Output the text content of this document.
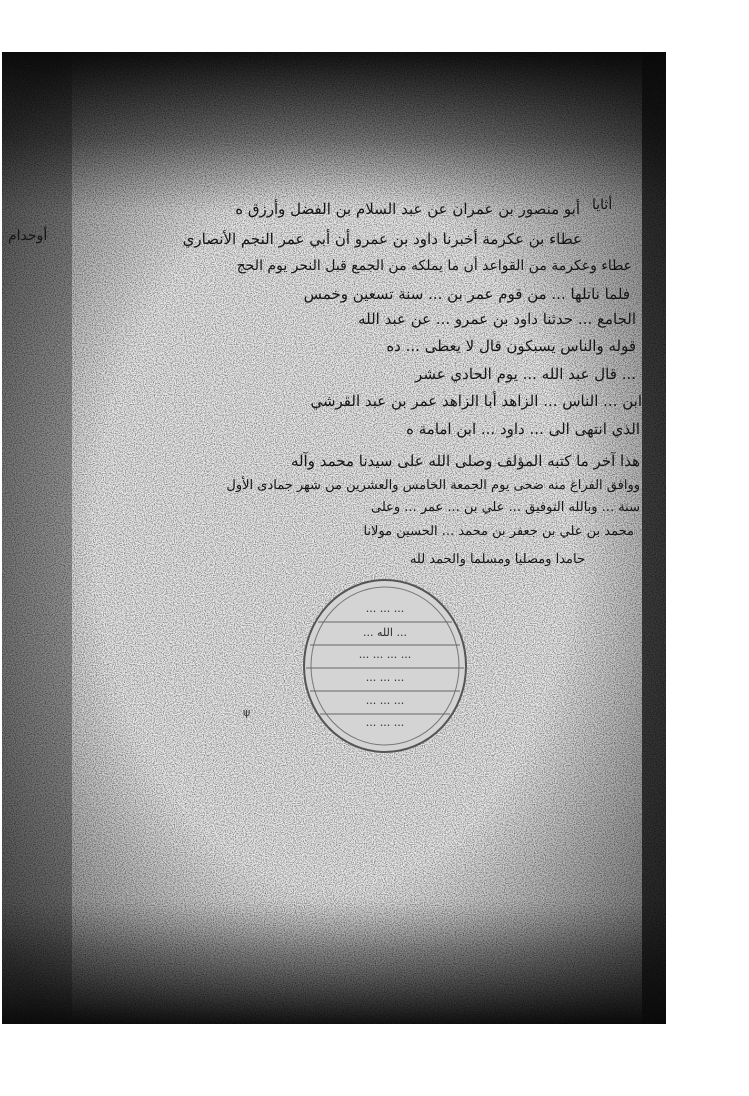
ψ
أثايا
أوحدام
أبو منصور بن عمران عن عبد السلام بن الفضل وأرزق ه
عطاء بن عكرمة أخبرنا داود بن عمرو أن أبي عمر النجم الأنصاري
عطاء وعكرمة من القواعد أن ما يملكه من الجمع قبل النحر يوم الحج
فلما ناتلها ... من قوم عمر بن ... سنة تسعين وخمس
الجامع ... حدثنا داود بن عمرو ... عن عبد الله
قوله والناس يسبكون قال لا يعطى ... ده
... قال عبد الله ... يوم الحادي عشر
ابن ... الناس ... الزاهد أبا الزاهد عمر بن عبد القرشي
الذي انتهى الى ... داود ... ابن امامة ه
هذا آخر ما كتبه المؤلف وصلى الله على سيدنا محمد وآله
ووافق الفراغ منه ضحى يوم الجمعة الخامس والعشرين من شهر جمادى الأول
سنة ... وبالله التوفيق ... علي بن ... عمر ... وعلى
محمد بن علي بن جعفر بن محمد ... الحسين مولانا
حامدا ومصليا ومسلما والحمد لله
... ... ...
... الله ...
... ... ... ...
... ... ...
... ... ...
... ... ...
